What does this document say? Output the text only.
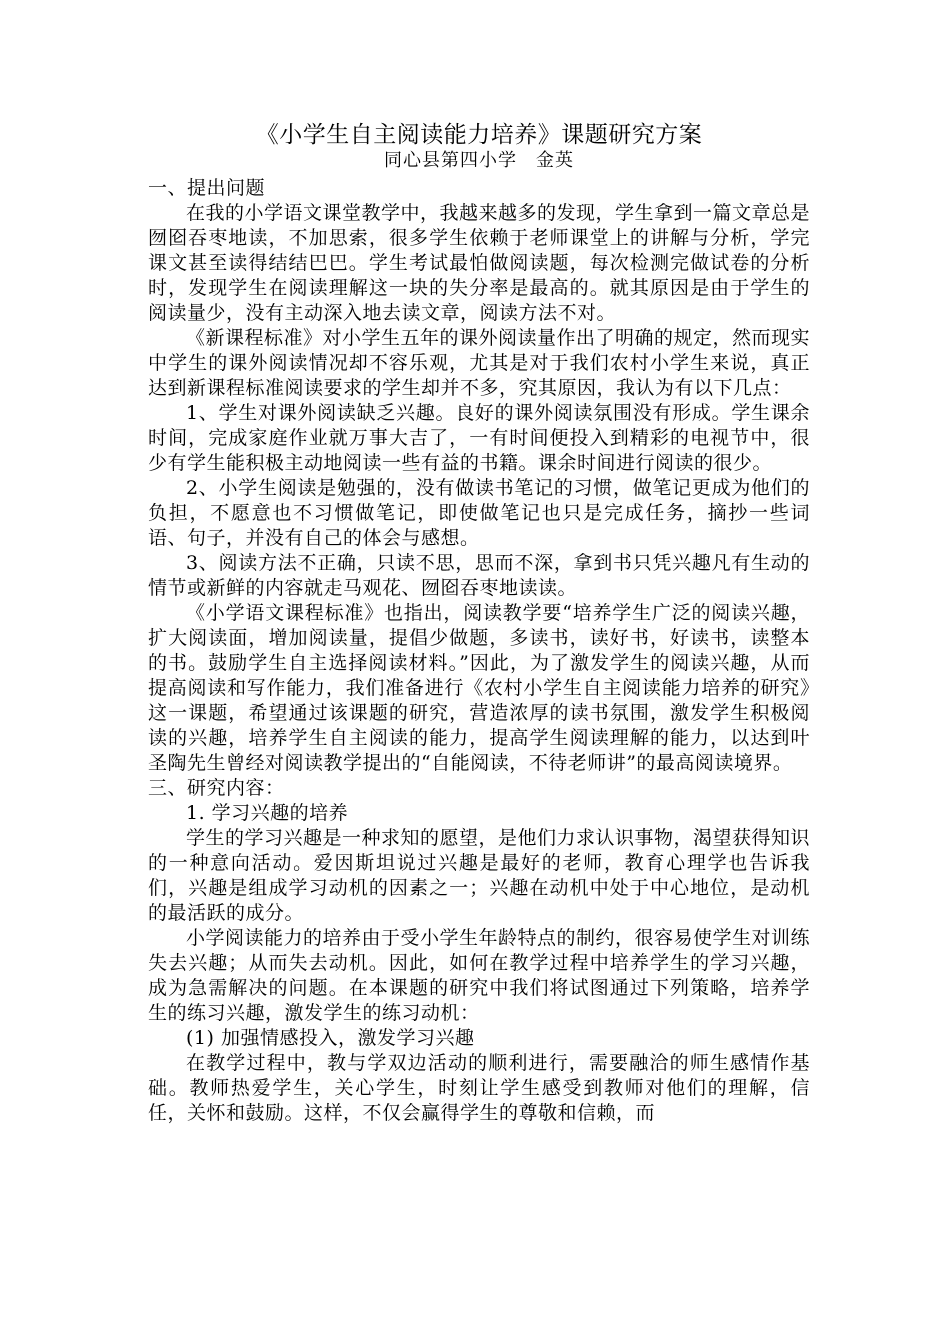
《小学生自主阅读能力培养》课题研究方案

同心县第四小学　金英

一、提出问题

在我的小学语文课堂教学中，我越来越多的发现，学生拿到一篇文章总是囫囵吞枣地读，不加思索，很多学生依赖于老师课堂上的讲解与分析，学完课文甚至读得结结巴巴。学生考试最怕做阅读题，每次检测完做试卷的分析时，发现学生在阅读理解这一块的失分率是最高的。就其原因是由于学生的阅读量少，没有主动深入地去读文章，阅读方法不对。

《新课程标准》对小学生五年的课外阅读量作出了明确的规定，然而现实中学生的课外阅读情况却不容乐观，尤其是对于我们农村小学生来说，真正达到新课程标准阅读要求的学生却并不多，究其原因，我认为有以下几点：

1、学生对课外阅读缺乏兴趣。良好的课外阅读氛围没有形成。学生课余时间，完成家庭作业就万事大吉了，一有时间便投入到精彩的电视节中，很少有学生能积极主动地阅读一些有益的书籍。课余时间进行阅读的很少。

2、小学生阅读是勉强的，没有做读书笔记的习惯，做笔记更成为他们的负担，不愿意也不习惯做笔记，即使做笔记也只是完成任务，摘抄一些词语、句子，并没有自己的体会与感想。

3、阅读方法不正确，只读不思，思而不深，拿到书只凭兴趣凡有生动的情节或新鲜的内容就走马观花、囫囵吞枣地读读。

《小学语文课程标准》也指出，阅读教学要“培养学生广泛的阅读兴趣，扩大阅读面，增加阅读量，提倡少做题，多读书，读好书，好读书，读整本的书。鼓励学生自主选择阅读材料。”因此，为了激发学生的阅读兴趣，从而提高阅读和写作能力，我们准备进行《农村小学生自主阅读能力培养的研究》这一课题，希望通过该课题的研究，营造浓厚的读书氛围，激发学生积极阅读的兴趣，培养学生自主阅读的能力，提高学生阅读理解的能力，以达到叶圣陶先生曾经对阅读教学提出的“自能阅读，不待老师讲”的最高阅读境界。

三、研究内容：

1. 学习兴趣的培养

学生的学习兴趣是一种求知的愿望，是他们力求认识事物，渴望获得知识的一种意向活动。爱因斯坦说过兴趣是最好的老师，教育心理学也告诉我们，兴趣是组成学习动机的因素之一；兴趣在动机中处于中心地位，是动机的最活跃的成分。

小学阅读能力的培养由于受小学生年龄特点的制约，很容易使学生对训练失去兴趣；从而失去动机。因此，如何在教学过程中培养学生的学习兴趣，成为急需解决的问题。在本课题的研究中我们将试图通过下列策略，培养学生的练习兴趣，激发学生的练习动机：

(1) 加强情感投入，激发学习兴趣

在教学过程中，教与学双边活动的顺利进行，需要融洽的师生感情作基础。教师热爱学生，关心学生，时刻让学生感受到教师对他们的理解，信任，关怀和鼓励。这样，不仅会赢得学生的尊敬和信赖，而
